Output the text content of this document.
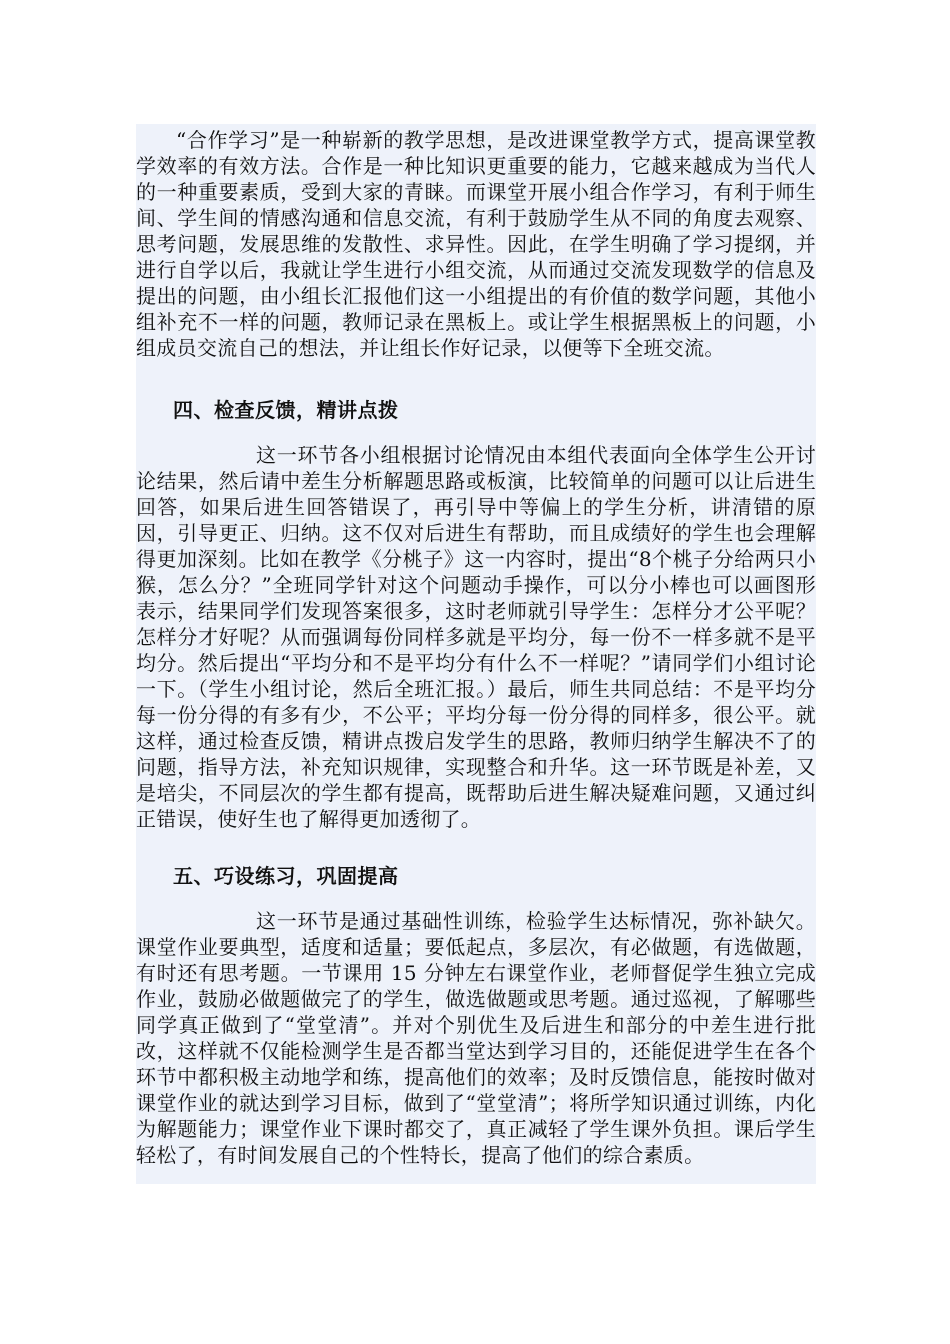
“合作学习”是一种崭新的教学思想，是改进课堂教学方式，提高课堂教学效率的有效方法。合作是一种比知识更重要的能力，它越来越成为当代人的一种重要素质，受到大家的青睐。而课堂开展小组合作学习，有利于师生间、学生间的情感沟通和信息交流，有利于鼓励学生从不同的角度去观察、思考问题，发展思维的发散性、求异性。因此，在学生明确了学习提纲，并进行自学以后，我就让学生进行小组交流，从而通过交流发现数学的信息及提出的问题，由小组长汇报他们这一小组提出的有价值的数学问题，其他小组补充不一样的问题，教师记录在黑板上。或让学生根据黑板上的问题，小组成员交流自己的想法，并让组长作好记录，以便等下全班交流。

四、检查反馈，精讲点拨

这一环节各小组根据讨论情况由本组代表面向全体学生公开讨论结果，然后请中差生分析解题思路或板演，比较简单的问题可以让后进生回答，如果后进生回答错误了，再引导中等偏上的学生分析，讲清错的原因，引导更正、归纳。这不仅对后进生有帮助，而且成绩好的学生也会理解得更加深刻。比如在教学《分桃子》这一内容时，提出“8个桃子分给两只小猴，怎么分？”全班同学针对这个问题动手操作，可以分小棒也可以画图形表示，结果同学们发现答案很多，这时老师就引导学生：怎样分才公平呢？怎样分才好呢？从而强调每份同样多就是平均分，每一份不一样多就不是平均分。然后提出“平均分和不是平均分有什么不一样呢？”请同学们小组讨论一下。（学生小组讨论，然后全班汇报。）最后，师生共同总结：不是平均分每一份分得的有多有少，不公平；平均分每一份分得的同样多，很公平。就这样，通过检查反馈，精讲点拨启发学生的思路，教师归纳学生解决不了的问题，指导方法，补充知识规律，实现整合和升华。这一环节既是补差，又是培尖，不同层次的学生都有提高，既帮助后进生解决疑难问题，又通过纠正错误，使好生也了解得更加透彻了。

五、巧设练习，巩固提高

这一环节是通过基础性训练，检验学生达标情况，弥补缺欠。课堂作业要典型，适度和适量；要低起点，多层次，有必做题，有选做题，有时还有思考题。一节课用 15 分钟左右课堂作业，老师督促学生独立完成作业，鼓励必做题做完了的学生，做选做题或思考题。通过巡视，了解哪些同学真正做到了“堂堂清”。并对个别优生及后进生和部分的中差生进行批改，这样就不仅能检测学生是否都当堂达到学习目的，还能促进学生在各个环节中都积极主动地学和练，提高他们的效率；及时反馈信息，能按时做对课堂作业的就达到学习目标，做到了“堂堂清”；将所学知识通过训练，内化为解题能力；课堂作业下课时都交了，真正减轻了学生课外负担。课后学生轻松了，有时间发展自己的个性特长，提高了他们的综合素质。
